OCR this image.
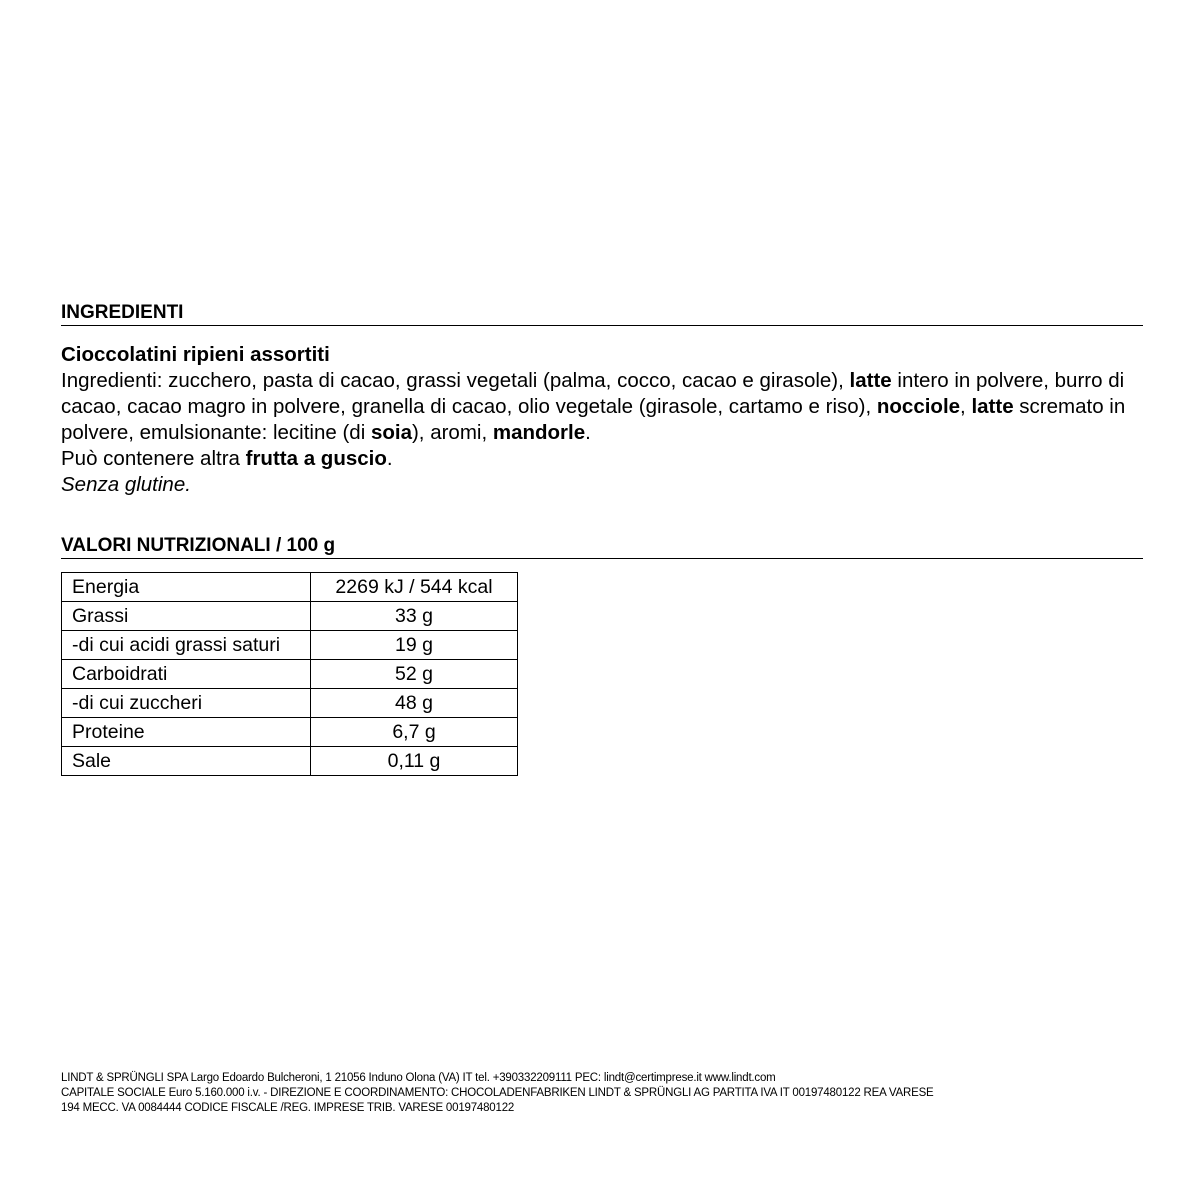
INGREDIENTI

Cioccolatini ripieni assortiti

Ingredienti: zucchero, pasta di cacao, grassi vegetali (palma, cocco, cacao e girasole), latte intero in polvere, burro di cacao, cacao magro in polvere, granella di cacao, olio vegetale (girasole, cartamo e riso), nocciole, latte scremato in polvere, emulsionante: lecitine (di soia), aromi, mandorle.

Può contenere altra frutta a guscio.

Senza glutine.

VALORI NUTRIZIONALI / 100 g
Energia	2269 kJ / 544 kcal
Grassi	33 g
-di cui acidi grassi saturi	19 g
Carboidrati	52 g
-di cui zuccheri	48 g
Proteine	6,7 g
Sale	0,11 g
LINDT & SPRÜNGLI SPA Largo Edoardo Bulcheroni, 1 21056 Induno Olona (VA) IT tel. +390332209111 PEC: lindt@certimprese.it www.lindt.com
CAPITALE SOCIALE Euro 5.160.000 i.v. - DIREZIONE E COORDINAMENTO: CHOCOLADENFABRIKEN LINDT & SPRÜNGLI AG PARTITA IVA IT 00197480122 REA VARESE
194 MECC. VA 0084444 CODICE FISCALE /REG. IMPRESE TRIB. VARESE 00197480122
